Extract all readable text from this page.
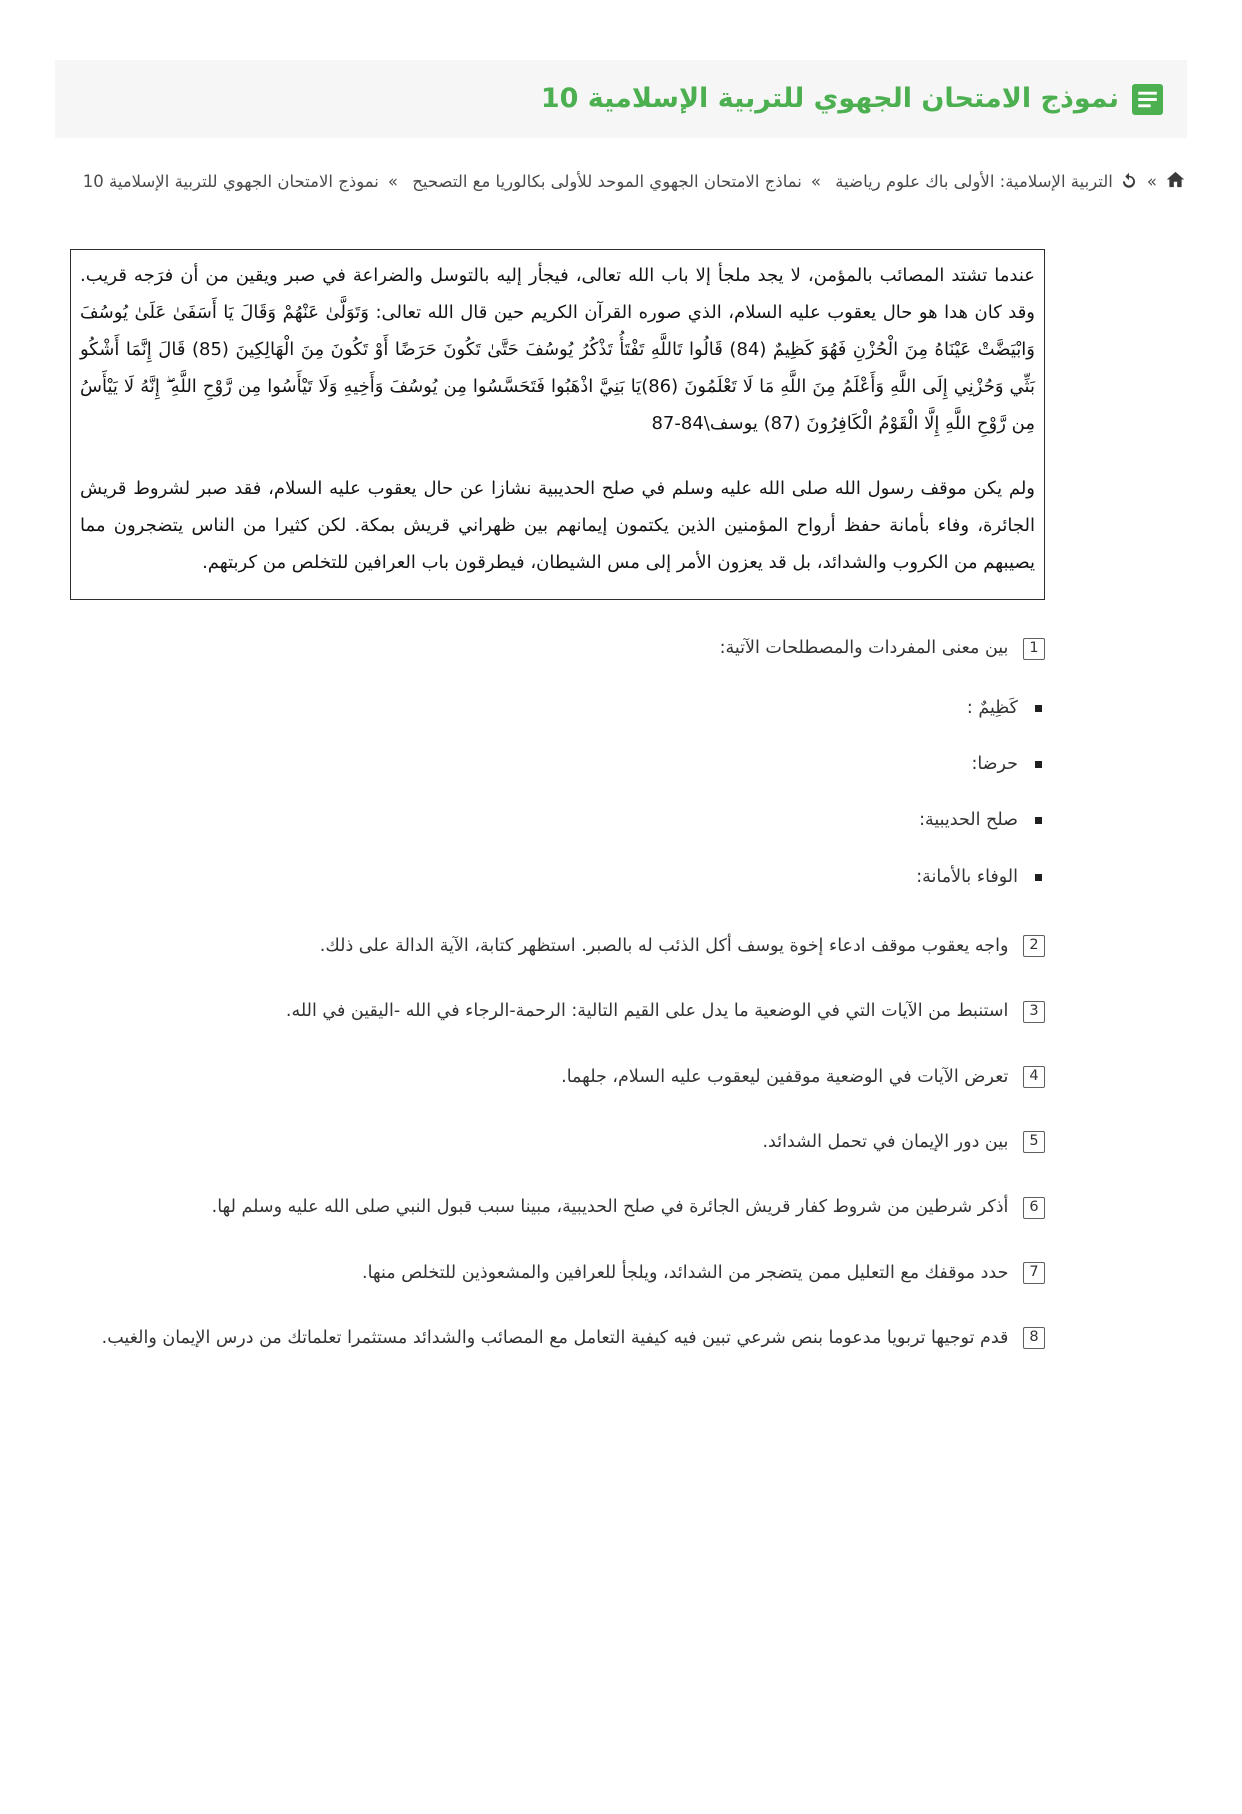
نموذج الامتحان الجهوي للتربية الإسلامية 10
»التربية الإسلامية: الأولى باك علوم رياضية »نماذج الامتحان الجهوي الموحد للأولى بكالوريا مع التصحيح »نموذج الامتحان الجهوي للتربية الإسلامية 10

عندما تشتد المصائب بالمؤمن، لا يجد ملجأ إلا باب الله تعالى، فيجأر إليه بالتوسل والضراعة في صبر ويقين من أن فرَجه قريب. وقد كان هدا هو حال يعقوب عليه السلام، الذي صوره القرآن الكريم حين قال الله تعالى: وَتَوَلَّىٰ عَنْهُمْ وَقَالَ يَا أَسَفَىٰ عَلَىٰ يُوسُفَ وَابْيَضَّتْ عَيْنَاهُ مِنَ الْحُزْنِ فَهُوَ كَظِيمٌ (84) قَالُوا تَاللَّهِ تَفْتَأُ تَذْكُرُ يُوسُفَ حَتَّىٰ تَكُونَ حَرَضًا أَوْ تَكُونَ مِنَ الْهَالِكِينَ (85) قَالَ إِنَّمَا أَشْكُو بَثِّي وَحُزْنِي إِلَى اللَّهِ وَأَعْلَمُ مِنَ اللَّهِ مَا لَا تَعْلَمُونَ (86)يَا بَنِيَّ اذْهَبُوا فَتَحَسَّسُوا مِن يُوسُفَ وَأَخِيهِ وَلَا تَيْأَسُوا مِن رَّوْحِ اللَّهِ ۖ إِنَّهُ لَا يَيْأَسُ مِن رَّوْحِ اللَّهِ إِلَّا الْقَوْمُ الْكَافِرُونَ (87) يوسف\84-87

ولم يكن موقف رسول الله صلى الله عليه وسلم في صلح الحديبية نشازا عن حال يعقوب عليه السلام، فقد صبر لشروط قريش الجائرة، وفاء بأمانة حفظ أرواح المؤمنين الذين يكتمون إيمانهم بين ظهراني قريش بمكة. لكن كثيرا من الناس يتضجرون مما يصيبهم من الكروب والشدائد، بل قد يعزون الأمر إلى مس الشيطان، فيطرقون باب العرافين للتخلص من كربتهم.

1 بين معنى المفردات والمصطلحات الآتية:
كَظِيمٌ :
حرضا:
صلح الحديبية:
الوفاء بالأمانة:
2 واجه يعقوب موقف ادعاء إخوة يوسف أكل الذئب له بالصبر. استظهر كتابة، الآية الدالة على ذلك.
3 استنبط من الآيات التي في الوضعية ما يدل على القيم التالية: الرحمة-الرجاء في الله -اليقين في الله.
4 تعرض الآيات في الوضعية موقفين ليعقوب عليه السلام، جلهما.
5 بين دور الإيمان في تحمل الشدائد.
6 أذكر شرطين من شروط كفار قريش الجائرة في صلح الحديبية، مبينا سبب قبول النبي صلى الله عليه وسلم لها.
7 حدد موقفك مع التعليل ممن يتضجر من الشدائد، ويلجأ للعرافين والمشعوذين للتخلص منها.
8 قدم توجيها تربويا مدعوما بنص شرعي تبين فيه كيفية التعامل مع المصائب والشدائد مستثمرا تعلماتك من درس الإيمان والغيب.
